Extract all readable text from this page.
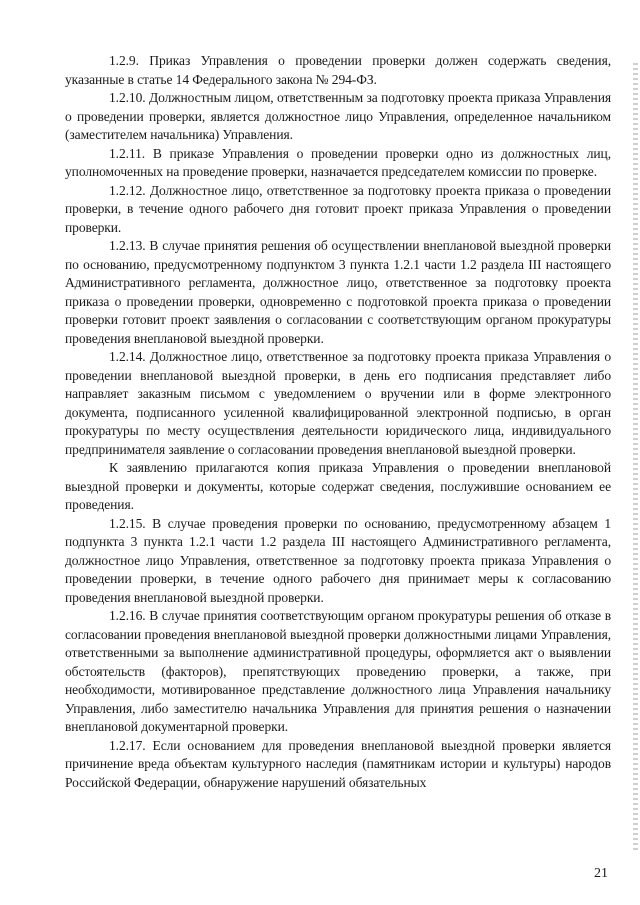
1.2.9. Приказ Управления о проведении проверки должен содержать сведения, указанные в статье 14 Федерального закона № 294-ФЗ.

1.2.10. Должностным лицом, ответственным за подготовку проекта приказа Управления о проведении проверки, является должностное лицо Управления, определенное начальником (заместителем начальника) Управления.

1.2.11. В приказе Управления о проведении проверки одно из должностных лиц, уполномоченных на проведение проверки, назначается председателем комиссии по проверке.

1.2.12. Должностное лицо, ответственное за подготовку проекта приказа о проведении проверки, в течение одного рабочего дня готовит проект приказа Управления о проведении проверки.

1.2.13. В случае принятия решения об осуществлении внеплановой выездной проверки по основанию, предусмотренному подпунктом 3 пункта 1.2.1 части 1.2 раздела III настоящего Административного регламента, должностное лицо, ответственное за подготовку проекта приказа о проведении проверки, одновременно с подготовкой проекта приказа о проведении проверки готовит проект заявления о согласовании с соответствующим органом прокуратуры проведения внеплановой выездной проверки.

1.2.14. Должностное лицо, ответственное за подготовку проекта приказа Управления о проведении внеплановой выездной проверки, в день его подписания представляет либо направляет заказным письмом с уведомлением о вручении или в форме электронного документа, подписанного усиленной квалифицированной электронной подписью, в орган прокуратуры по месту осуществления деятельности юридического лица, индивидуального предпринимателя заявление о согласовании проведения внеплановой выездной проверки.

К заявлению прилагаются копия приказа Управления о проведении внеплановой выездной проверки и документы, которые содержат сведения, послужившие основанием ее проведения.

1.2.15. В случае проведения проверки по основанию, предусмотренному абзацем 1 подпункта 3 пункта 1.2.1 части 1.2 раздела III настоящего Административного регламента, должностное лицо Управления, ответственное за подготовку проекта приказа Управления о проведении проверки, в течение одного рабочего дня принимает меры к согласованию проведения внеплановой выездной проверки.

1.2.16. В случае принятия соответствующим органом прокуратуры решения об отказе в согласовании проведения внеплановой выездной проверки должностными лицами Управления, ответственными за выполнение административной процедуры, оформляется акт о выявлении обстоятельств (факторов), препятствующих проведению проверки, а также, при необходимости, мотивированное представление должностного лица Управления начальнику Управления, либо заместителю начальника Управления для принятия решения о назначении внеплановой документарной проверки.

1.2.17. Если основанием для проведения внеплановой выездной проверки является причинение вреда объектам культурного наследия (памятникам истории и культуры) народов Российской Федерации, обнаружение нарушений обязательных

21
